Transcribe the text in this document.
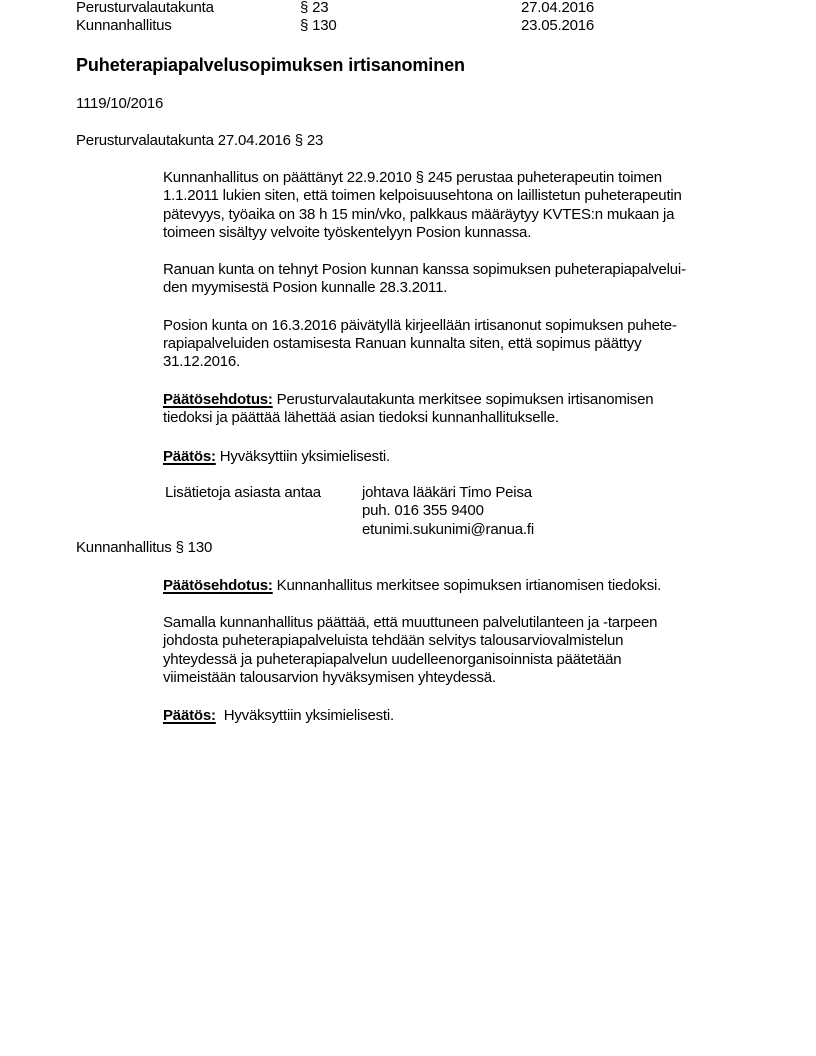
Perusturvalautakunta	§ 23	27.04.2016
Kunnanhallitus	§ 130	23.05.2016
Puheterapiapalvelusopimuksen irtisanominen
1119/10/2016
Perusturvalautakunta 27.04.2016 § 23
Kunnanhallitus on päättänyt 22.9.2010 § 245 perustaa puheterapeutin toimen
1.1.2011 lukien siten, että toimen kelpoisuusehtona on laillistetun puheterapeutin
pätevyys, työaika on 38 h 15 min/vko, palkkaus määräytyy KVTES:n mukaan ja
toimeen sisältyy velvoite työskentelyyn Posion kunnassa.
Ranuan kunta on tehnyt Posion kunnan kanssa sopimuksen puheterapiapalvelui-
den myymisestä Posion kunnalle 28.3.2011.
Posion kunta on 16.3.2016 päivätyllä kirjeellään irtisanonut sopimuksen puhete-
rapiapalveluiden ostamisesta Ranuan kunnalta siten, että sopimus päättyy
31.12.2016.
Päätösehdotus: Perusturvalautakunta merkitsee sopimuksen irtisanomisen
tiedoksi ja päättää lähettää asian tiedoksi kunnanhallitukselle.
Päätös: Hyväksyttiin yksimielisesti.
Lisätietoja asiasta antaa	johtava lääkäri Timo Peisa
puh. 016 355 9400
etunimi.sukunimi@ranua.fi
Kunnanhallitus § 130
Päätösehdotus: Kunnanhallitus merkitsee sopimuksen irtianomisen tiedoksi.
Samalla kunnanhallitus päättää, että muuttuneen palvelutilanteen ja -tarpeen
johdosta puheterapiapalveluista tehdään selvitys talousarviovalmistelun
yhteydessä ja puheterapiapalvelun uudelleenorganisoinnista päätetään
viimeistään talousarvion hyväksymisen yhteydessä.
Päätös:  Hyväksyttiin yksimielisesti.
